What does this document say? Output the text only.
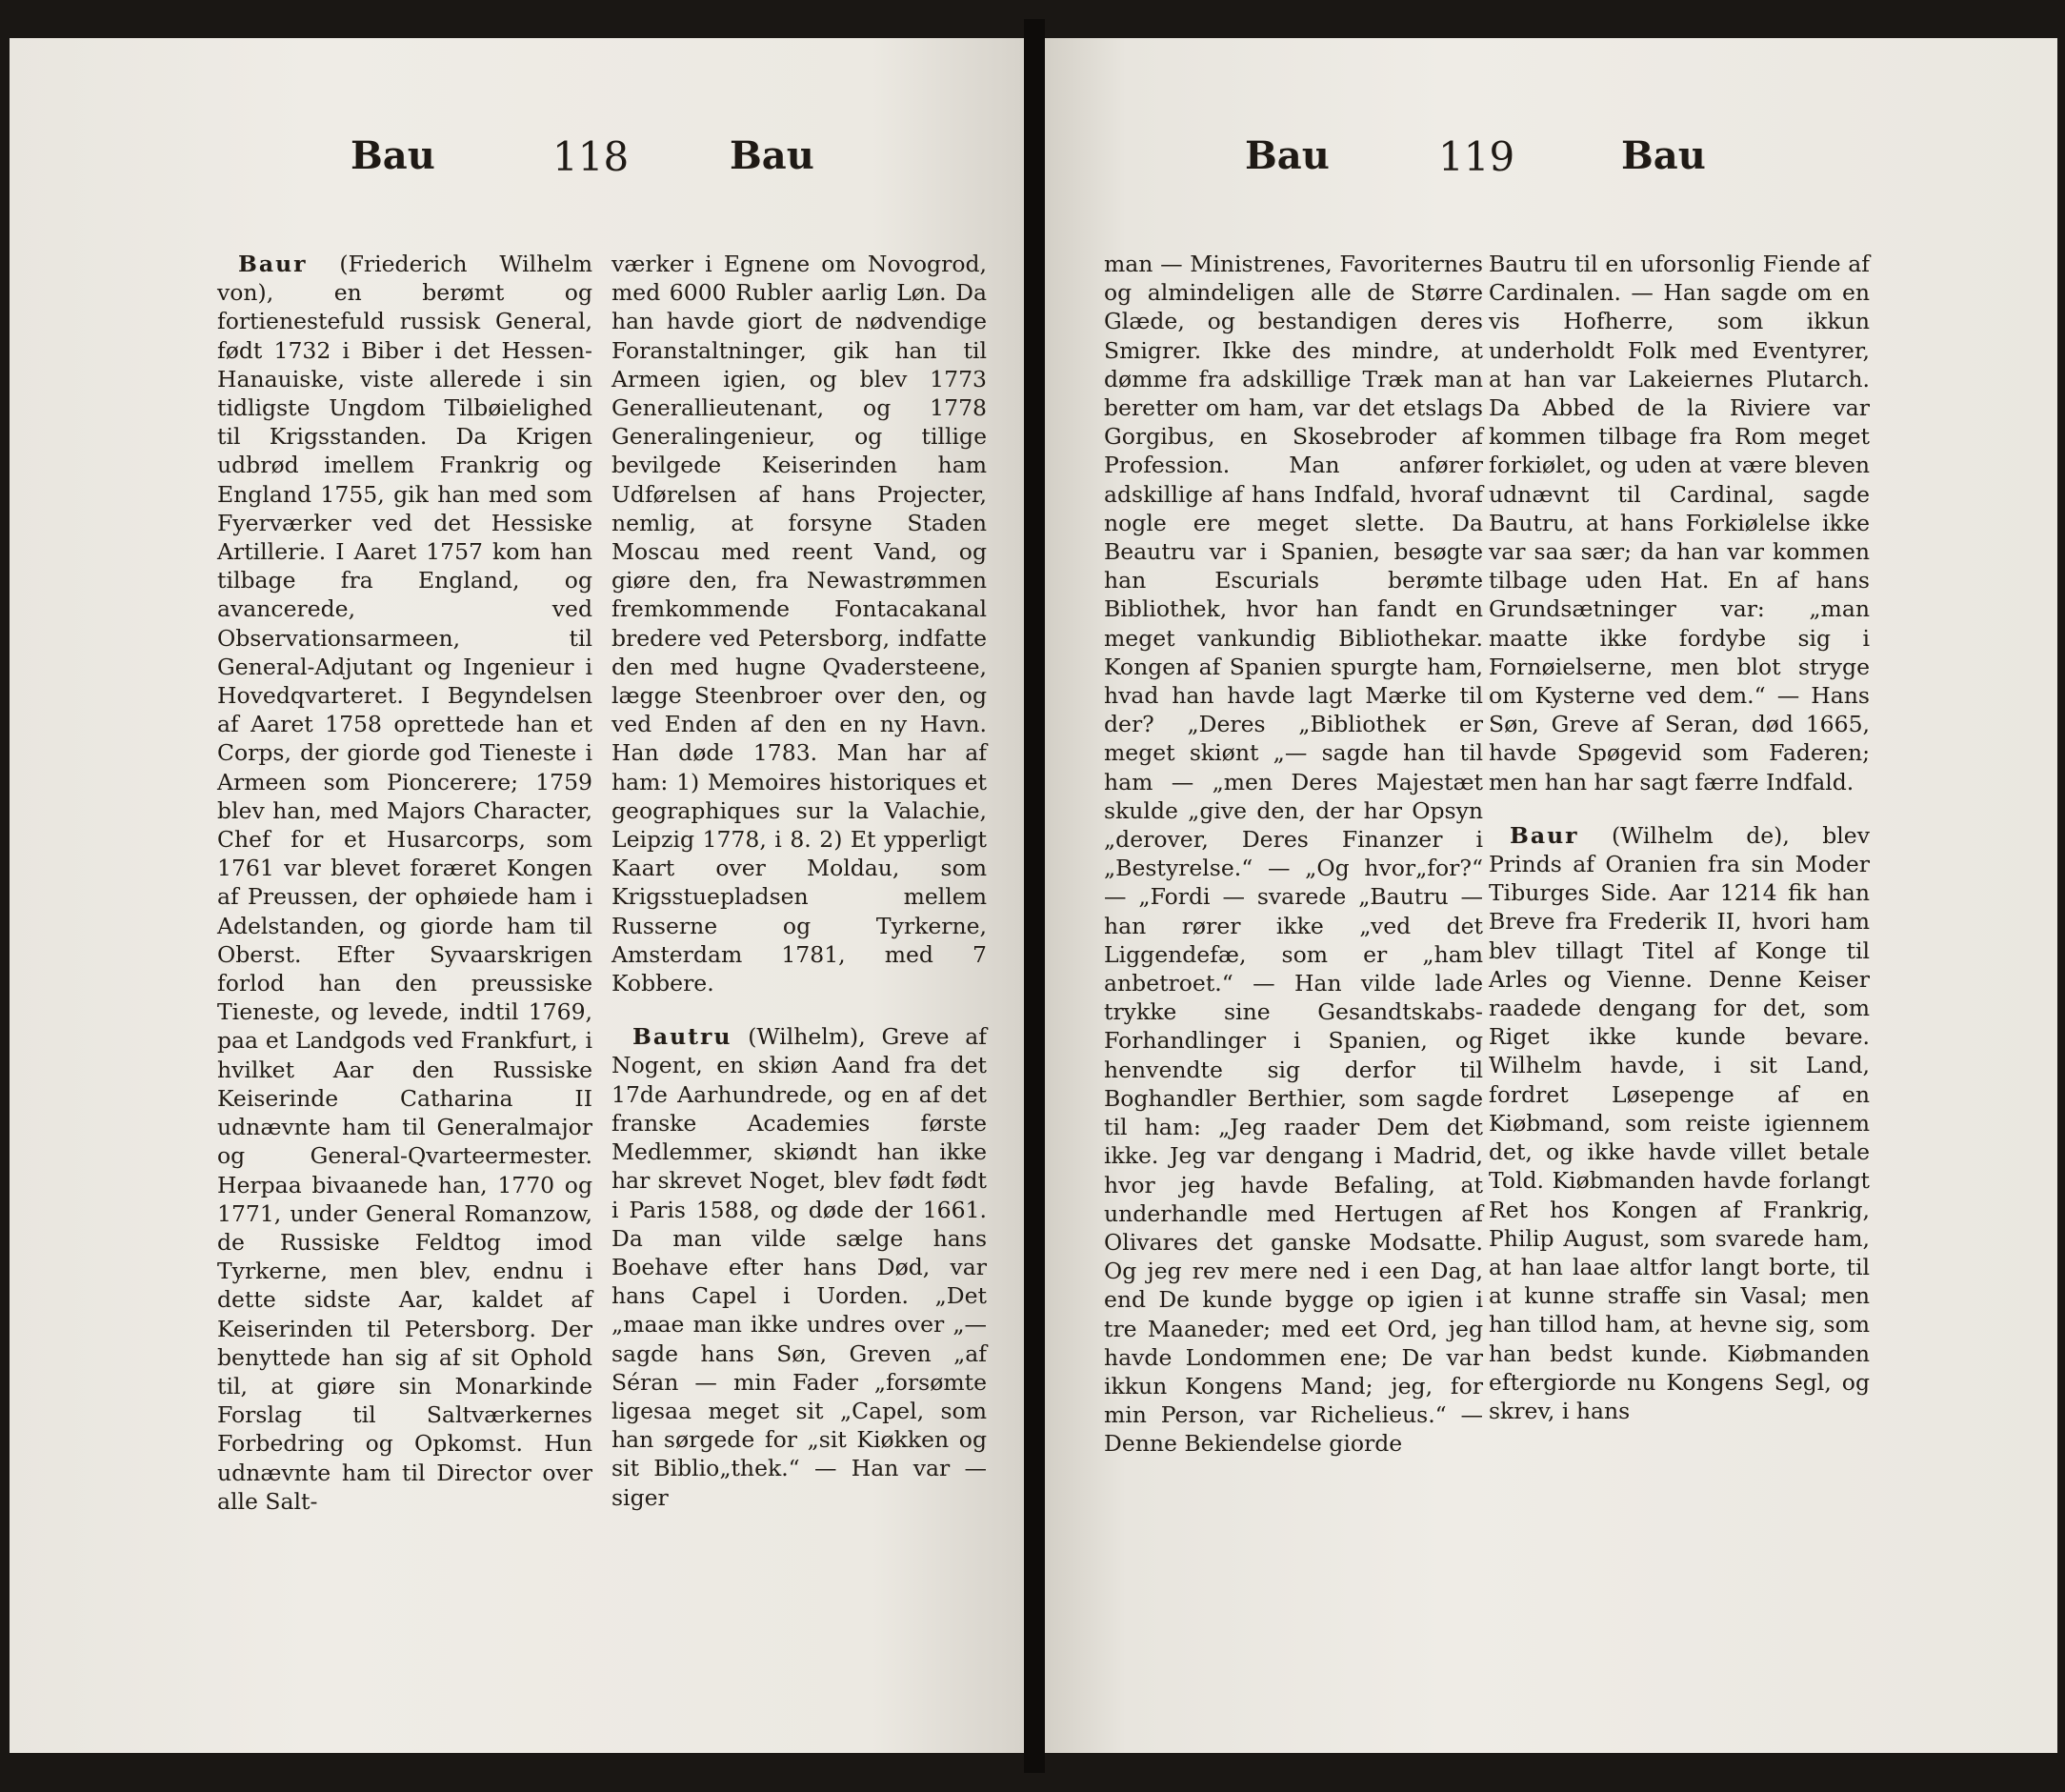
Bau	118	Bau

Baur (Friederich Wilhelm von), en berømt og fortienestefuld russisk General, født 1732 i Biber i det Hessen-Hanauiske, viste allerede i sin tidligste Ungdom Tilbøielighed til Krigsstanden. Da Krigen udbrød imellem Frankrig og England 1755, gik han med som Fyerværker ved det Hessiske Artillerie. I Aaret 1757 kom han tilbage fra England, og avancerede, ved Observationsarmeen, til General-Adjutant og Ingenieur i Hovedqvarteret. I Begyndelsen af Aaret 1758 oprettede han et Corps, der giorde god Tieneste i Armeen som Pioncerere; 1759 blev han, med Majors Character, Chef for et Husarcorps, som 1761 var blevet foræret Kongen af Preussen, der ophøiede ham i Adelstanden, og giorde ham til Oberst. Efter Syvaarskrigen forlod han den preussiske Tieneste, og levede, indtil 1769, paa et Landgods ved Frankfurt, i hvilket Aar den Russiske Keiserinde Catharina II udnævnte ham til Generalmajor og General-Qvarteermester. Herpaa bivaanede han, 1770 og 1771, under General Romanzow, de Russiske Feldtog imod Tyrkerne, men blev, endnu i dette sidste Aar, kaldet af Keiserinden til Petersborg. Der benyttede han sig af sit Ophold til, at giøre sin Monarkinde Forslag til Saltværkernes Forbedring og Opkomst. Hun udnævnte ham til Director over alle Salt-

værker i Egnene om Novogrod, med 6000 Rubler aarlig Løn. Da han havde giort de nødvendige Foranstaltninger, gik han til Armeen igien, og blev 1773 Generallieutenant, og 1778 Generalingenieur, og tillige bevilgede Keiserinden ham Udførelsen af hans Projecter, nemlig, at forsyne Staden Moscau med reent Vand, og giøre den, fra Newastrømmen fremkommende Fontacakanal bredere ved Petersborg, indfatte den med hugne Qvadersteene, lægge Steenbroer over den, og ved Enden af den en ny Havn. Han døde 1783. Man har af ham: 1) Memoires historiques et geographiques sur la Valachie, Leipzig 1778, i 8. 2) Et ypperligt Kaart over Moldau, som Krigsstuepladsen mellem Russerne og Tyrkerne, Amsterdam 1781, med 7 Kobbere.

Bautru (Wilhelm), Greve af Nogent, en skiøn Aand fra det 17de Aarhundrede, og en af det franske Academies første Medlemmer, skiøndt han ikke har skrevet Noget, blev født født i Paris 1588, og døde der 1661. Da man vilde sælge hans Boehave efter hans Død, var hans Capel i Uorden. „Det „maae man ikke undres over „— sagde hans Søn, Greven „af Séran — min Fader „forsømte ligesaa meget sit „Capel, som han sørgede for „sit Kiøkken og sit Biblio„thek.“ — Han var — siger

Bau	119	Bau

man — Ministrenes, Favoriternes og almindeligen alle de Større Glæde, og bestandigen deres Smigrer. Ikke des mindre, at dømme fra adskillige Træk man beretter om ham, var det etslags Gorgibus, en Skosebroder af Profession. Man anfører adskillige af hans Indfald, hvoraf nogle ere meget slette. Da Beautru var i Spanien, besøgte han Escurials berømte Bibliothek, hvor han fandt en meget vankundig Bibliothekar. Kongen af Spanien spurgte ham, hvad han havde lagt Mærke til der? „Deres „Bibliothek er meget skiønt „— sagde han til ham — „men Deres Majestæt skulde „give den, der har Opsyn „derover, Deres Finanzer i „Bestyrelse.“ — „Og hvor„for?“ — „Fordi — svarede „Bautru — han rører ikke „ved det Liggendefæ, som er „ham anbetroet.“ — Han vilde lade trykke sine Gesandtskabs-Forhandlinger i Spanien, og henvendte sig derfor til Boghandler Berthier, som sagde til ham: „Jeg raader Dem det ikke. Jeg var dengang i Madrid, hvor jeg havde Befaling, at underhandle med Hertugen af Olivares det ganske Modsatte. Og jeg rev mere ned i een Dag, end De kunde bygge op igien i tre Maaneder; med eet Ord, jeg havde Londommen ene; De var ikkun Kongens Mand; jeg, for min Person, var Richelieus.“ — Denne Bekiendelse giorde

Bautru til en uforsonlig Fiende af Cardinalen. — Han sagde om en vis Hofherre, som ikkun underholdt Folk med Eventyrer, at han var Lakeiernes Plutarch. Da Abbed de la Riviere var kommen tilbage fra Rom meget forkiølet, og uden at være bleven udnævnt til Cardinal, sagde Bautru, at hans Forkiølelse ikke var saa sær; da han var kommen tilbage uden Hat. En af hans Grundsætninger var: „man maatte ikke fordybe sig i Fornøielserne, men blot stryge om Kysterne ved dem.“ — Hans Søn, Greve af Seran, død 1665, havde Spøgevid som Faderen; men han har sagt færre Indfald.

Baur (Wilhelm de), blev Prinds af Oranien fra sin Moder Tiburges Side. Aar 1214 fik han Breve fra Frederik II, hvori ham blev tillagt Titel af Konge til Arles og Vienne. Denne Keiser raadede dengang for det, som Riget ikke kunde bevare. Wilhelm havde, i sit Land, fordret Løsepenge af en Kiøbmand, som reiste igiennem det, og ikke havde villet betale Told. Kiøbmanden havde forlangt Ret hos Kongen af Frankrig, Philip August, som svarede ham, at han laae altfor langt borte, til at kunne straffe sin Vasal; men han tillod ham, at hevne sig, som han bedst kunde. Kiøbmanden eftergiorde nu Kongens Segl, og skrev, i hans
